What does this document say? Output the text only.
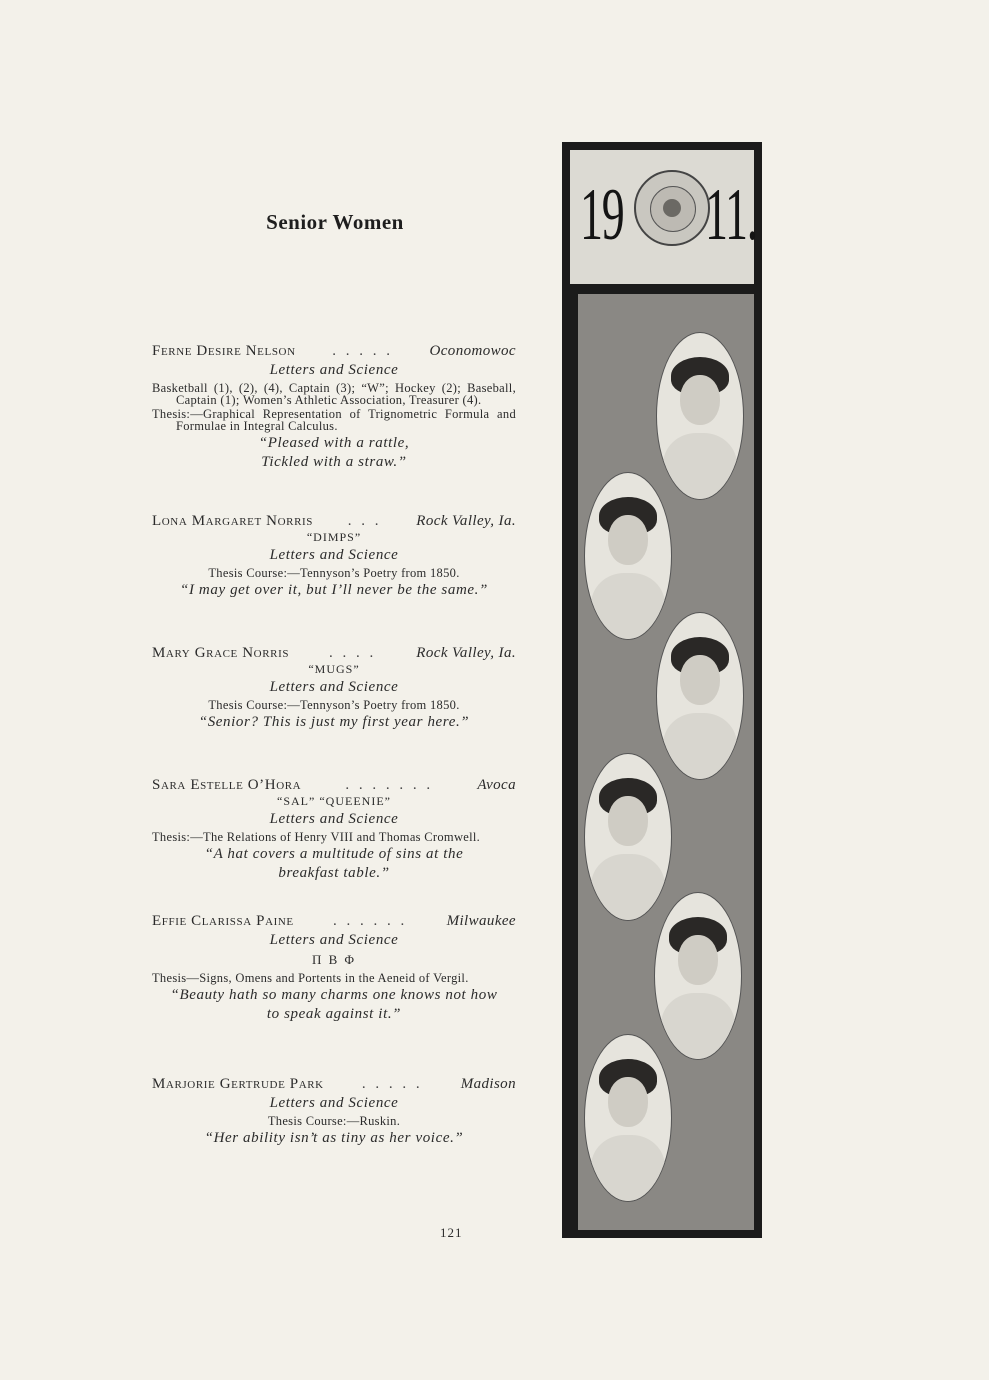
Senior Women
Ferne Desire Nelson	. . . . .	Oconomowoc
Letters and Science
Basketball (1), (2), (4), Captain (3); “W”; Hockey (2); Baseball, Captain (1); Women’s Athletic Association, Treasurer (4).
Thesis:—Graphical Representation of Trignometric Formula and Formulae in Integral Calculus.
“Pleased with a rattle,
Tickled with a straw.”
Lona Margaret Norris	. . .	Rock Valley, Ia.
“DIMPS”
Letters and Science
Thesis Course:—Tennyson’s Poetry from 1850.
“I may get over it, but I’ll never be the same.”
Mary Grace Norris	. . . .	Rock Valley, Ia.
“MUGS”
Letters and Science
Thesis Course:—Tennyson’s Poetry from 1850.
“Senior? This is just my first year here.”
Sara Estelle O’Hora	. . . . . . .	Avoca
“SAL” “QUEENIE”
Letters and Science
Thesis:—The Relations of Henry VIII and Thomas Cromwell.
“A hat covers a multitude of sins at the
breakfast table.”
Effie Clarissa Paine	. . . . . .	Milwaukee
Letters and Science
Π Β Φ
Thesis—Signs, Omens and Portents in the Aeneid of Vergil.
“Beauty hath so many charms one knows not how
to speak against it.”
Marjorie Gertrude Park	. . . . .	Madison
Letters and Science
Thesis Course:—Ruskin.
“Her ability isn’t as tiny as her voice.”
121
19 11.
